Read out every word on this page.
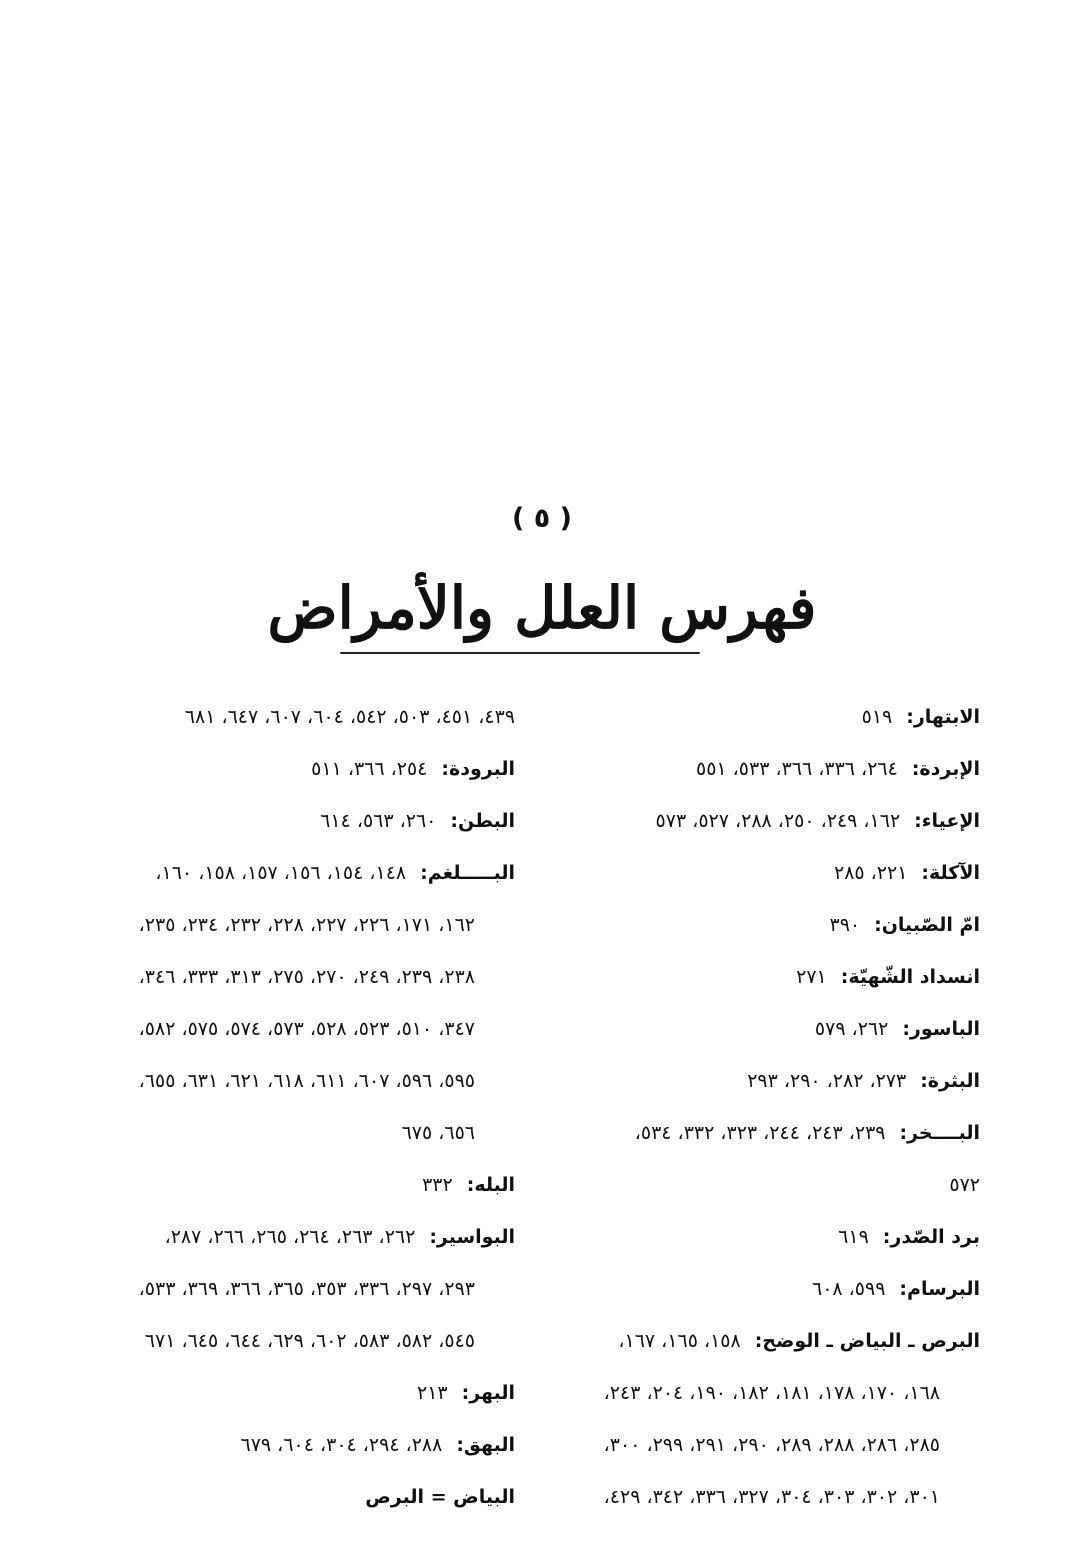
( ٥ )
فهرس العلل والأمراض
الابتهار:٥١٩
الإبردة:٢٦٤، ٣٣٦، ٣٦٦، ٥٣٣، ٥٥١
الإعياء:١٦٢، ٢٤٩، ٢٥٠، ٢٨٨، ٥٢٧، ٥٧٣
الآكلة:٢٢١، ٢٨٥
امّ الصّبيان:٣٩٠
انسداد الشّهيّة:٢٧١
الباسور:٢٦٢، ٥٧٩
البثرة:٢٧٣، ٢٨٢، ٢٩٠، ٢٩٣
البــــخر:٢٣٩، ٢٤٣، ٢٤٤، ٣٢٣، ٣٣٢، ٥٣٤،
٥٧٢
برد الصّدر:٦١٩
البرسام:٥٩٩، ٦٠٨
البرص ـ البياض ـ الوضح:١٥٨، ١٦٥، ١٦٧،
١٦٨، ١٧٠، ١٧٨، ١٨١، ١٨٢، ١٩٠، ٢٠٤، ٢٤٣،
٢٨٥، ٢٨٦، ٢٨٨، ٢٨٩، ٢٩٠، ٢٩١، ٢٩٩، ٣٠٠،
٣٠١، ٣٠٢، ٣٠٣، ٣٠٤، ٣٢٧، ٣٣٦، ٣٤٢، ٤٢٩،
٤٣٩، ٤٥١، ٥٠٣، ٥٤٢، ٦٠٤، ٦٠٧، ٦٤٧، ٦٨١
البرودة:٢٥٤، ٣٦٦، ٥١١
البطن:٢٦٠، ٥٦٣، ٦١٤
البـــــلغم:١٤٨، ١٥٤، ١٥٦، ١٥٧، ١٥٨، ١٦٠،
١٦٢، ١٧١، ٢٢٦، ٢٢٧، ٢٢٨، ٢٣٢، ٢٣٤، ٢٣٥،
٢٣٨، ٢٣٩، ٢٤٩، ٢٧٠، ٢٧٥، ٣١٣، ٣٣٣، ٣٤٦،
٣٤٧، ٥١٠، ٥٢٣، ٥٢٨، ٥٧٣، ٥٧٤، ٥٧٥، ٥٨٢،
٥٩٥، ٥٩٦، ٦٠٧، ٦١١، ٦١٨، ٦٢١، ٦٣١، ٦٥٥،
٦٥٦، ٦٧٥
البله:٣٣٢
البواسير:٢٦٢، ٢٦٣، ٢٦٤، ٢٦٥، ٢٦٦، ٢٨٧،
٢٩٣، ٢٩٧، ٣٣٦، ٣٥٣، ٣٦٥، ٣٦٦، ٣٦٩، ٥٣٣،
٥٤٥، ٥٨٢، ٥٨٣، ٦٠٢، ٦٢٩، ٦٤٤، ٦٤٥، ٦٧١
البهر:٢١٣
البهق:٢٨٨، ٢٩٤، ٣٠٤، ٦٠٤، ٦٧٩
البياض = البرص
